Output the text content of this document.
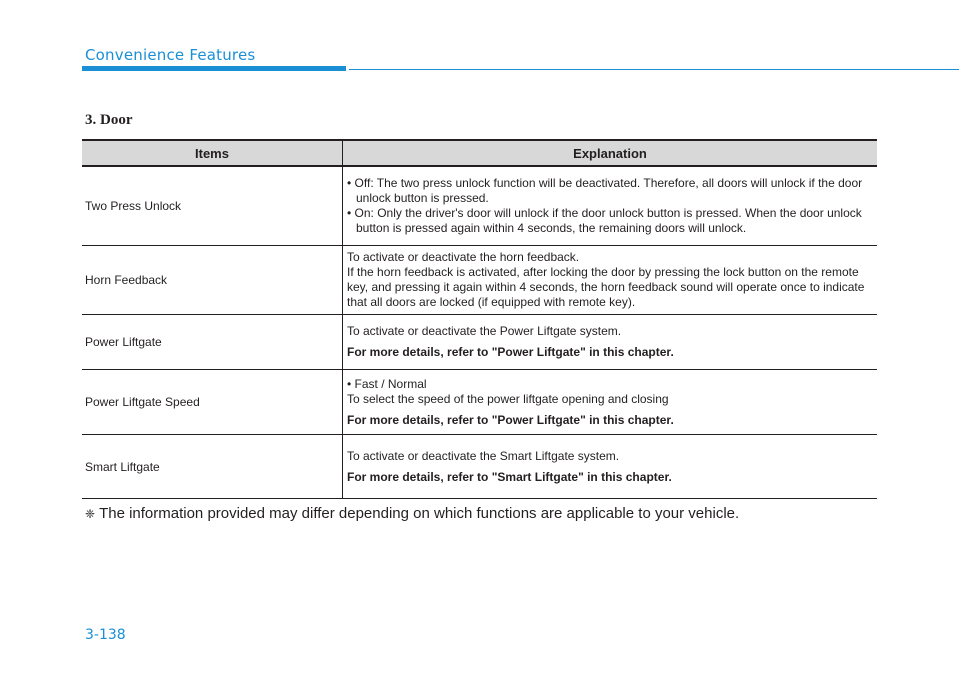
Convenience Features
3. Door
Items	Explanation
Two Press Unlock
• Off: The two press unlock function will be deactivated. Therefore, all doors will unlock if the door unlock button is pressed.
• On: Only the driver's door will unlock if the door unlock button is pressed. When the door unlock button is pressed again within 4 seconds, the remaining doors will unlock.
Horn Feedback
To activate or deactivate the horn feedback.
If the horn feedback is activated, after locking the door by pressing the lock button on the remote key, and pressing it again within 4 seconds, the horn feedback sound will operate once to indicate that all doors are locked (if equipped with remote key).
Power Liftgate
To activate or deactivate the Power Liftgate system.
For more details, refer to "Power Liftgate" in this chapter.
Power Liftgate Speed
• Fast / Normal
To select the speed of the power liftgate opening and closing
For more details, refer to "Power Liftgate" in this chapter.
Smart Liftgate
To activate or deactivate the Smart Liftgate system.
For more details, refer to "Smart Liftgate" in this chapter.
❈ The information provided may differ depending on which functions are applicable to your vehicle.
3-138
